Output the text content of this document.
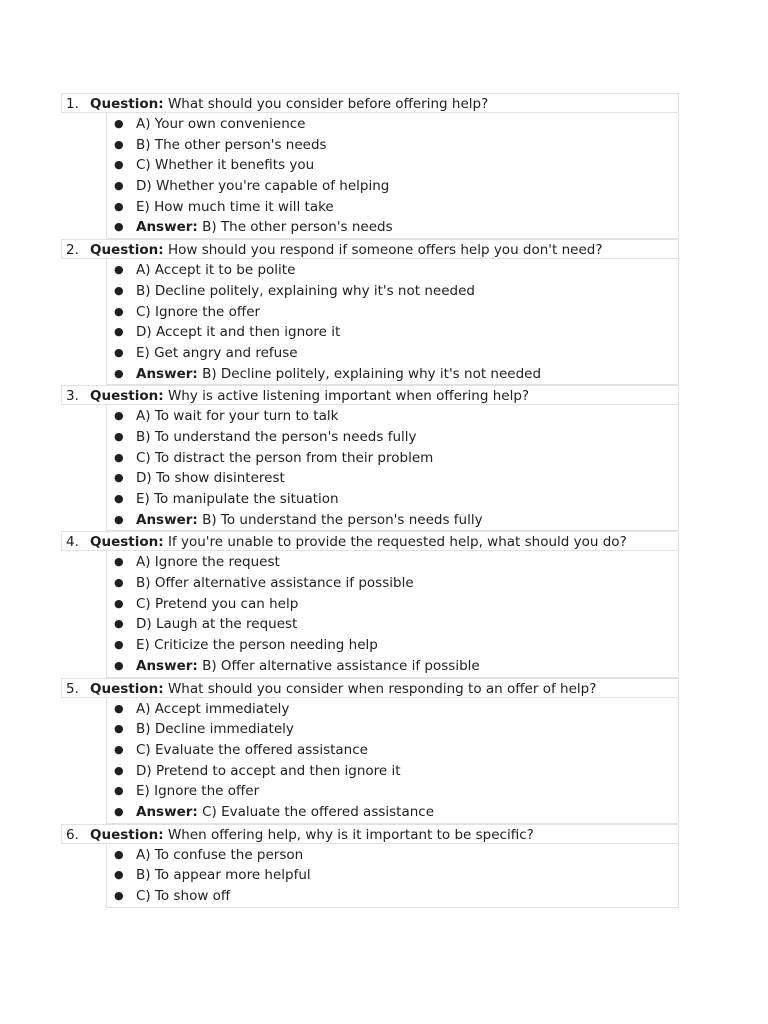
1. Question: What should you consider before offering help?
● A) Your own convenience
● B) The other person's needs
● C) Whether it benefits you
● D) Whether you're capable of helping
● E) How much time it will take
● Answer: B) The other person's needs
2. Question: How should you respond if someone offers help you don't need?
● A) Accept it to be polite
● B) Decline politely, explaining why it's not needed
● C) Ignore the offer
● D) Accept it and then ignore it
● E) Get angry and refuse
● Answer: B) Decline politely, explaining why it's not needed
3. Question: Why is active listening important when offering help?
● A) To wait for your turn to talk
● B) To understand the person's needs fully
● C) To distract the person from their problem
● D) To show disinterest
● E) To manipulate the situation
● Answer: B) To understand the person's needs fully
4. Question: If you're unable to provide the requested help, what should you do?
● A) Ignore the request
● B) Offer alternative assistance if possible
● C) Pretend you can help
● D) Laugh at the request
● E) Criticize the person needing help
● Answer: B) Offer alternative assistance if possible
5. Question: What should you consider when responding to an offer of help?
● A) Accept immediately
● B) Decline immediately
● C) Evaluate the offered assistance
● D) Pretend to accept and then ignore it
● E) Ignore the offer
● Answer: C) Evaluate the offered assistance
6. Question: When offering help, why is it important to be specific?
● A) To confuse the person
● B) To appear more helpful
● C) To show off
